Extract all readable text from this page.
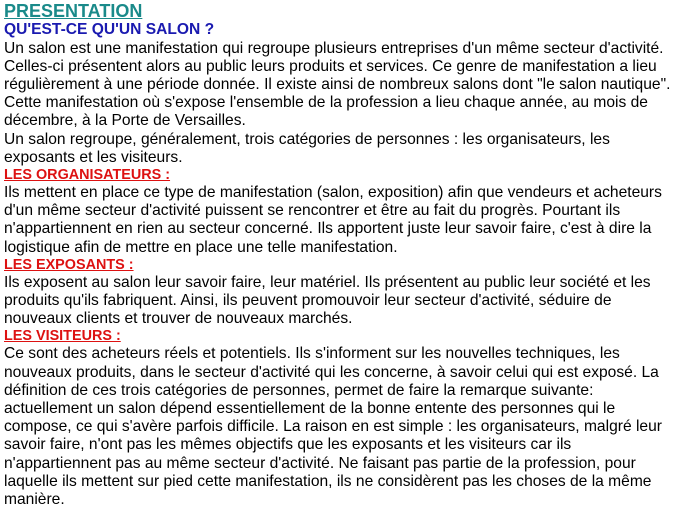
PRESENTATION
QU'EST-CE QU'UN SALON ?

Un salon est une manifestation qui regroupe plusieurs entreprises d'un même secteur d'activité. Celles-ci présentent alors au public leurs produits et services. Ce genre de manifestation a lieu régulièrement à une période donnée. Il existe ainsi de nombreux salons dont "le salon nautique". Cette manifestation où s'expose l'ensemble de la profession a lieu chaque année, au mois de décembre, à la Porte de Versailles.

Un salon regroupe, généralement, trois catégories de personnes : les organisateurs, les exposants et les visiteurs.

LES ORGANISATEURS :

Ils mettent en place ce type de manifestation (salon, exposition) afin que vendeurs et acheteurs d'un même secteur d'activité puissent se rencontrer et être au fait du progrès. Pourtant ils n'appartiennent en rien au secteur concerné. Ils apportent juste leur savoir faire, c'est à dire la logistique afin de mettre en place une telle manifestation.

LES EXPOSANTS :

Ils exposent au salon leur savoir faire, leur matériel. Ils présentent au public leur société et les produits qu'ils fabriquent. Ainsi, ils peuvent promouvoir leur secteur d'activité, séduire de nouveaux clients et trouver de nouveaux marchés.

LES VISITEURS :

Ce sont des acheteurs réels et potentiels. Ils s'informent sur les nouvelles techniques, les nouveaux produits, dans le secteur d'activité qui les concerne, à savoir celui qui est exposé. La définition de ces trois catégories de personnes, permet de faire la remarque suivante: actuellement un salon dépend essentiellement de la bonne entente des personnes qui le compose, ce qui s'avère parfois difficile. La raison en est simple : les organisateurs, malgré leur savoir faire, n'ont pas les mêmes objectifs que les exposants et les visiteurs car ils n'appartiennent pas au même secteur d'activité. Ne faisant pas partie de la profession, pour laquelle ils mettent sur pied cette manifestation, ils ne considèrent pas les choses de la même manière.
